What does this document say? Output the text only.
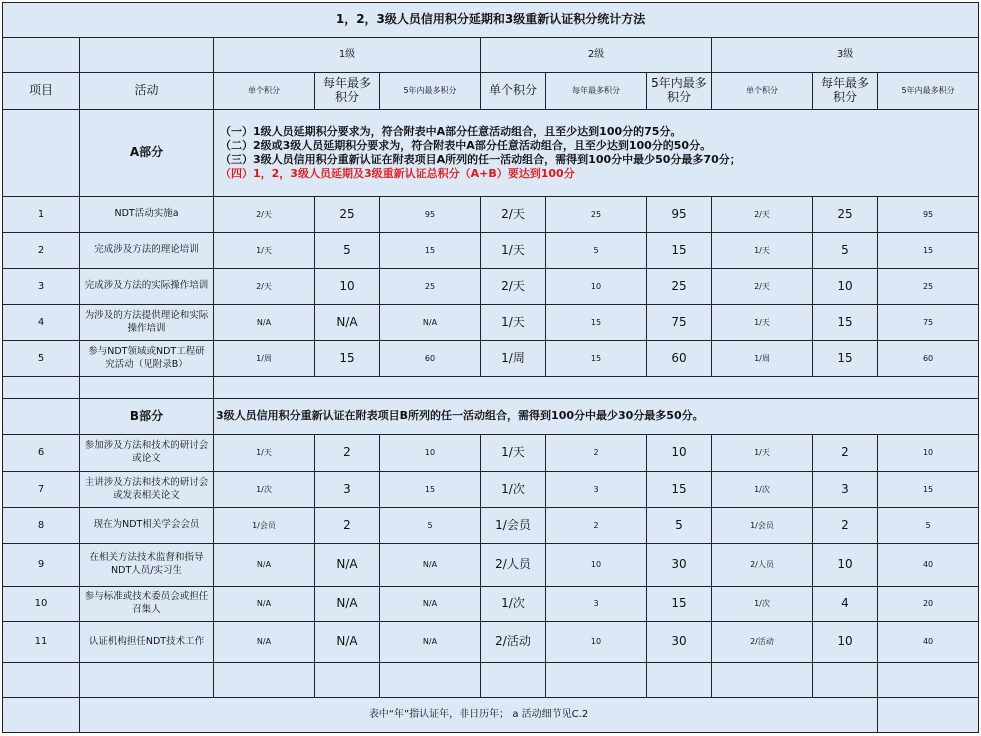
1，2，3级人员信用积分延期和3级重新认证积分统计方法										
		1级			2级			3级		
项目	活动	单个积分	每年最多积分	5年内最多积分	单个积分	每年最多积分	5年内最多积分	单个积分	每年最多积分	5年内最多积分
	A部分	（一）1级人员延期积分要求为，符合附表中A部分任意活动组合，且至少达到100分的75分。
（二）2级或3级人员延期积分要求为，符合附表中A部分任意活动组合，且至少达到100分的50分。
（三）3级人员信用积分重新认证在附表项目A所列的任一活动组合，需得到100分中最少50分最多70分；
（四）1，2，3级人员延期及3级重新认证总积分（A+B）要达到100分								

1	NDT活动实施a	2/天	25	95	2/天	25	95	2/天	25	95
2	完成涉及方法的理论培训	1/天	5	15	1/天	5	15	1/天	5	15
3	完成涉及方法的实际操作培训	2/天	10	25	2/天	10	25	2/天	10	25
4	为涉及的方法提供理论和实际操作培训	N/A	N/A	N/A	1/天	15	75	1/天	15	75
5	参与NDT领域或NDT工程研究活动（见附录B）	1/周	15	60	1/周	15	60	1/周	15	60

	B部分	3级人员信用积分重新认证在附表项目B所列的任一活动组合，需得到100分中最少30分最多50分。								
6	参加涉及方法和技术的研讨会或论文	1/天	2	10	1/天	2	10	1/天	2	10
7	主讲涉及方法和技术的研讨会或发表相关论文	1/次	3	15	1/次	3	15	1/次	3	15
8	现在为NDT相关学会会员	1/会员	2	5	1/会员	2	5	1/会员	2	5
9	在相关方法技术监督和指导NDT人员/实习生	N/A	N/A	N/A	2/人员	10	30	2/人员	10	40
10	参与标准或技术委员会或担任召集人	N/A	N/A	N/A	1/次	3	15	1/次	4	20
11	认证机构担任NDT技术工作	N/A	N/A	N/A	2/活动	10	30	2/活动	10	40

	表中“年”指认证年，非日历年； a 活动细节见C.2									
